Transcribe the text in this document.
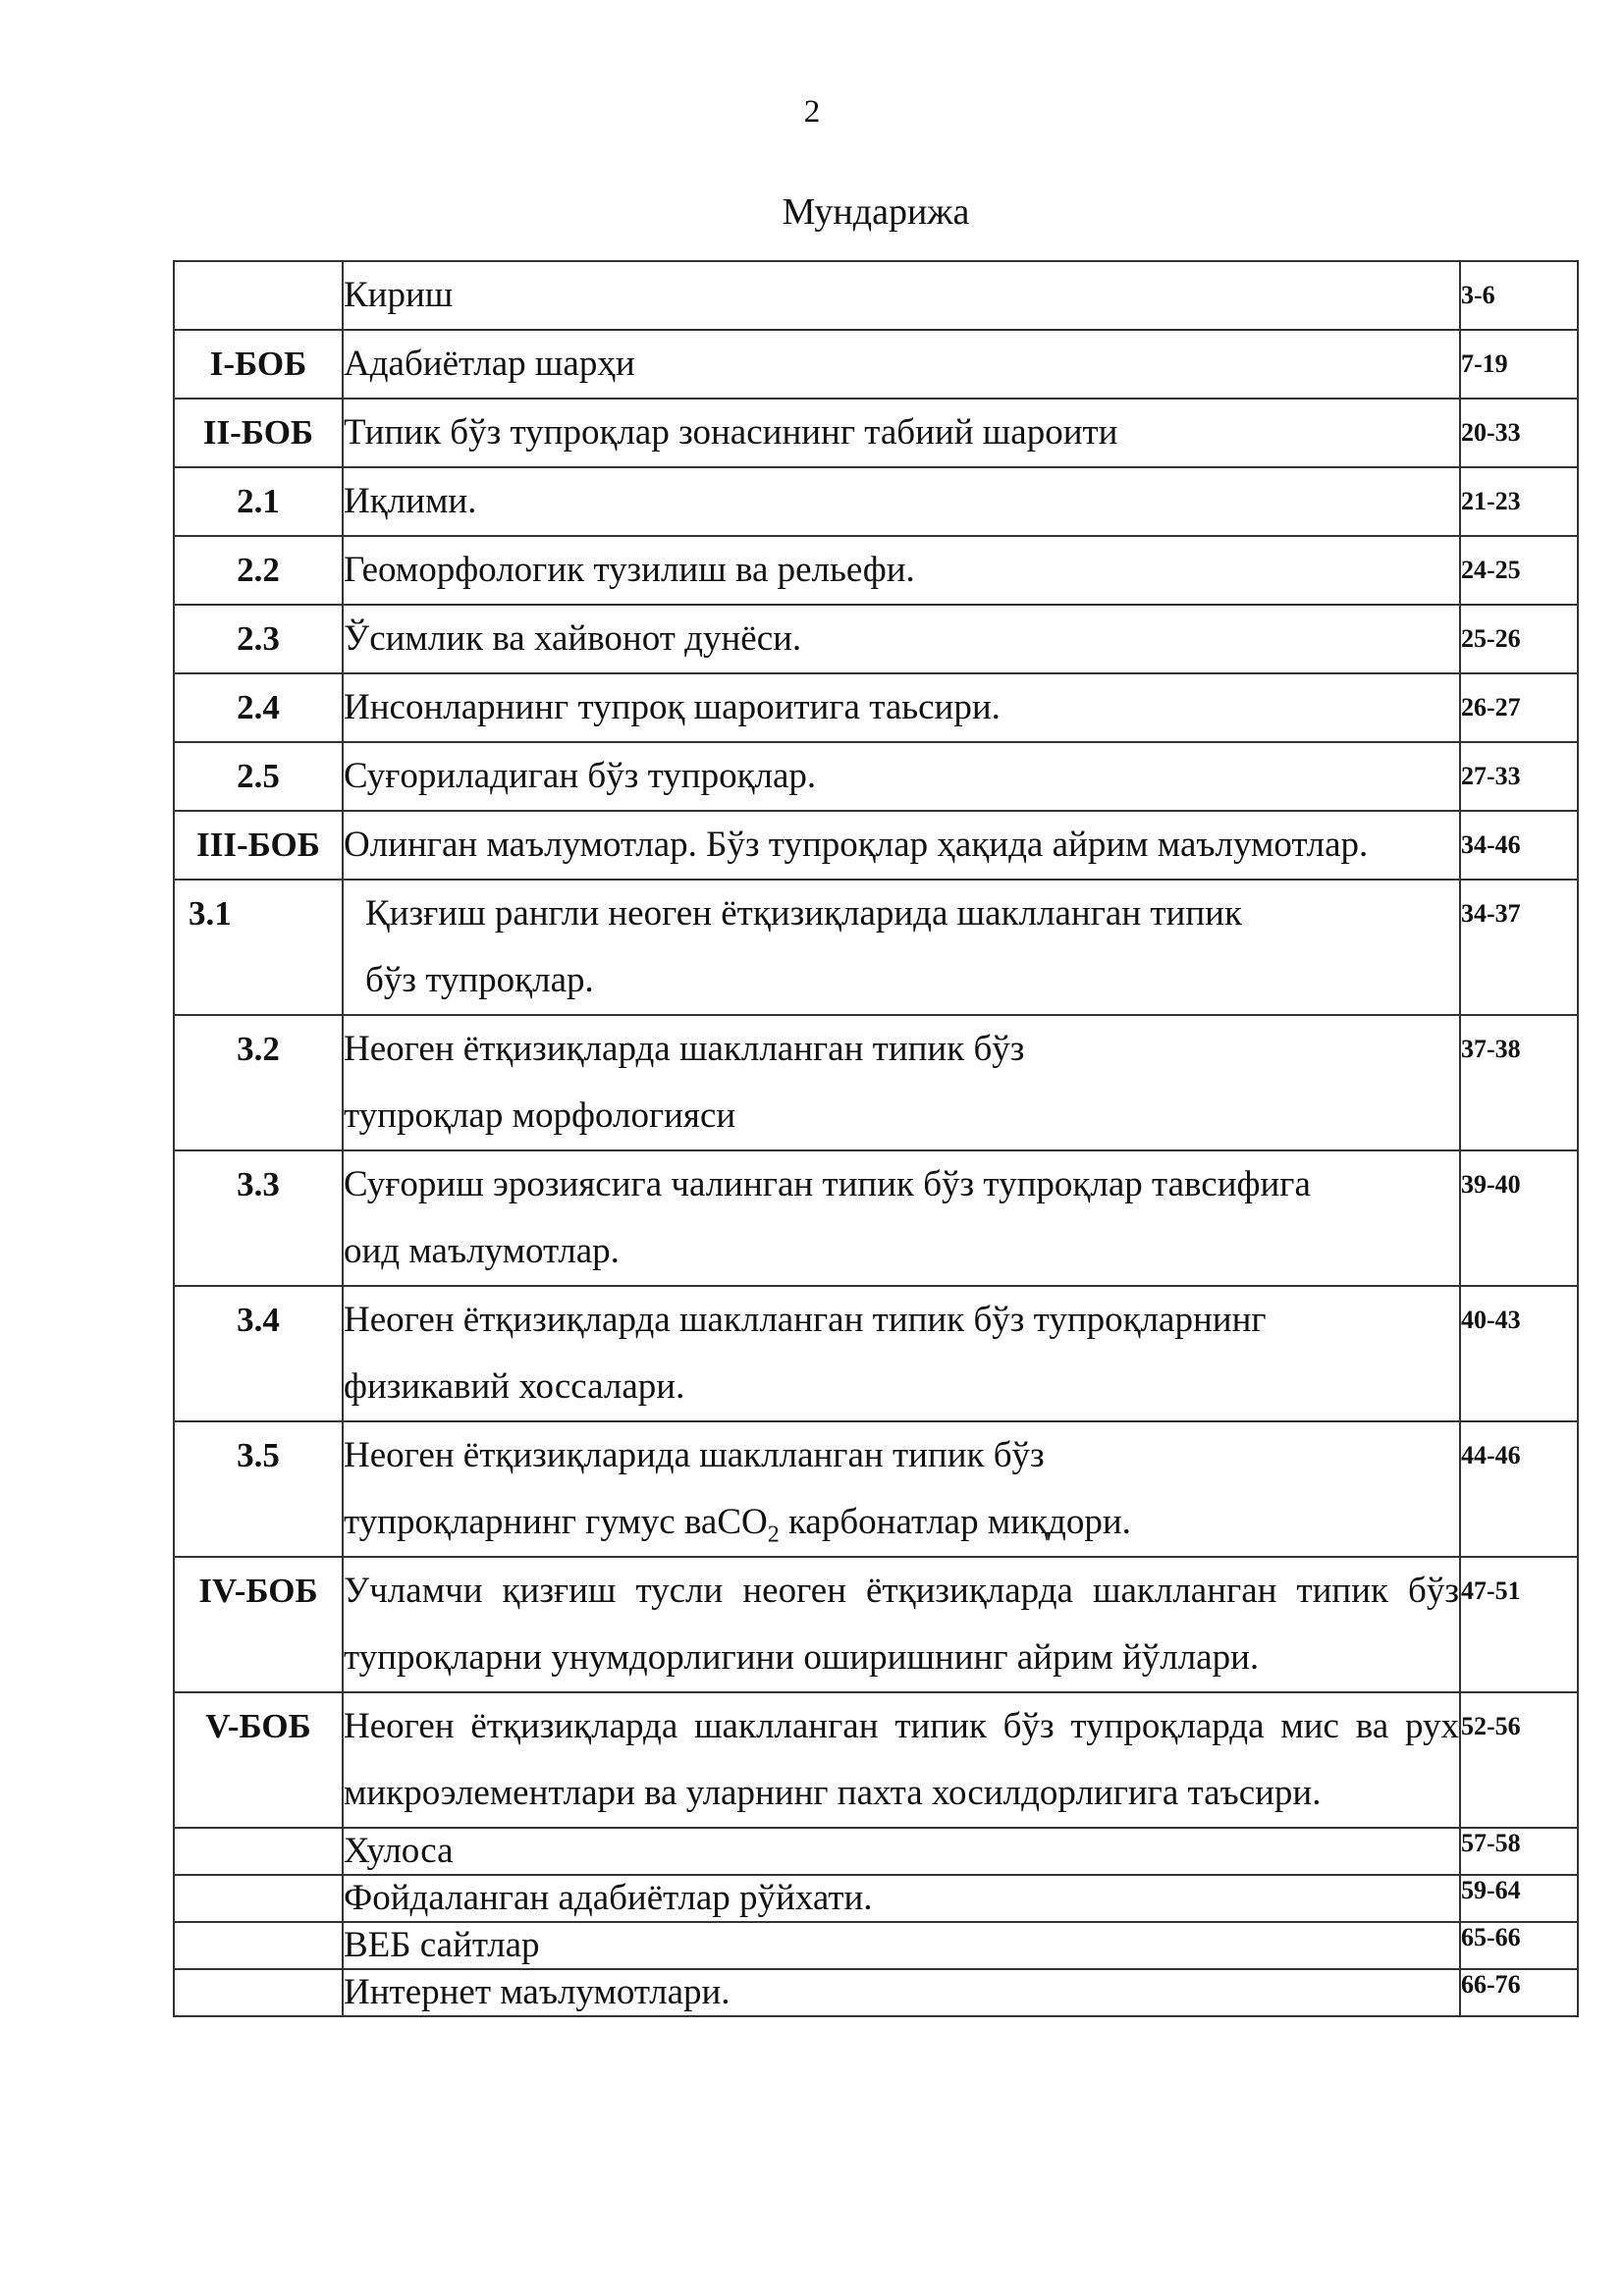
2
Мундарижа
	Кириш	3-6
I-БОБ	Адабиётлар шарҳи	7-19
II-БОБ	Типик бўз тупроқлар зонасининг табиий шароити	20-33
2.1	Иқлими.	21-23
2.2	Геоморфологик тузилиш ва рельефи.	24-25
2.3	Ўсимлик ва хайвонот дунёси.	25-26
2.4	Инсонларнинг тупроқ шароитига таьсири.	26-27
2.5	Суғориладиган бўз тупроқлар.	27-33
III-БОБ	Олинган маълумотлар. Бўз тупроқлар ҳақида айрим маълумотлар.	34-46
3.1	Қизғиш рангли неоген ётқизиқларида шаклланган типик
бўз тупроқлар.	34-37
3.2	Неоген ётқизиқларда шаклланган типик бўз
тупроқлар морфологияси	37-38
3.3	Суғориш эрозиясига чалинган типик бўз тупроқлар тавсифига
оид маълумотлар.	39-40
3.4	Неоген ётқизиқларда шаклланган типик бўз тупроқларнинг
физикавий хоссалари.	40-43
3.5	Неоген ётқизиқларида шаклланган типик бўз
тупроқларнинг гумус ваCO$_2$ карбонатлар миқдори.	44-46
IV-БОБ	Учламчи қизғиш тусли неоген ётқизиқларда шаклланган типик бўз тупроқларни унумдорлигини оширишнинг айрим йўллари.	47-51
V-БОБ	Неоген ётқизиқларда шаклланган типик бўз тупроқларда мис ва рух микроэлементлари ва уларнинг пахта хосилдорлигига таъсири.	52-56
	Хулоса	57-58
	Фойдаланган адабиётлар рўйхати.	59-64
	ВЕБ сайтлар	65-66
	Интернет маълумотлари.	66-76
